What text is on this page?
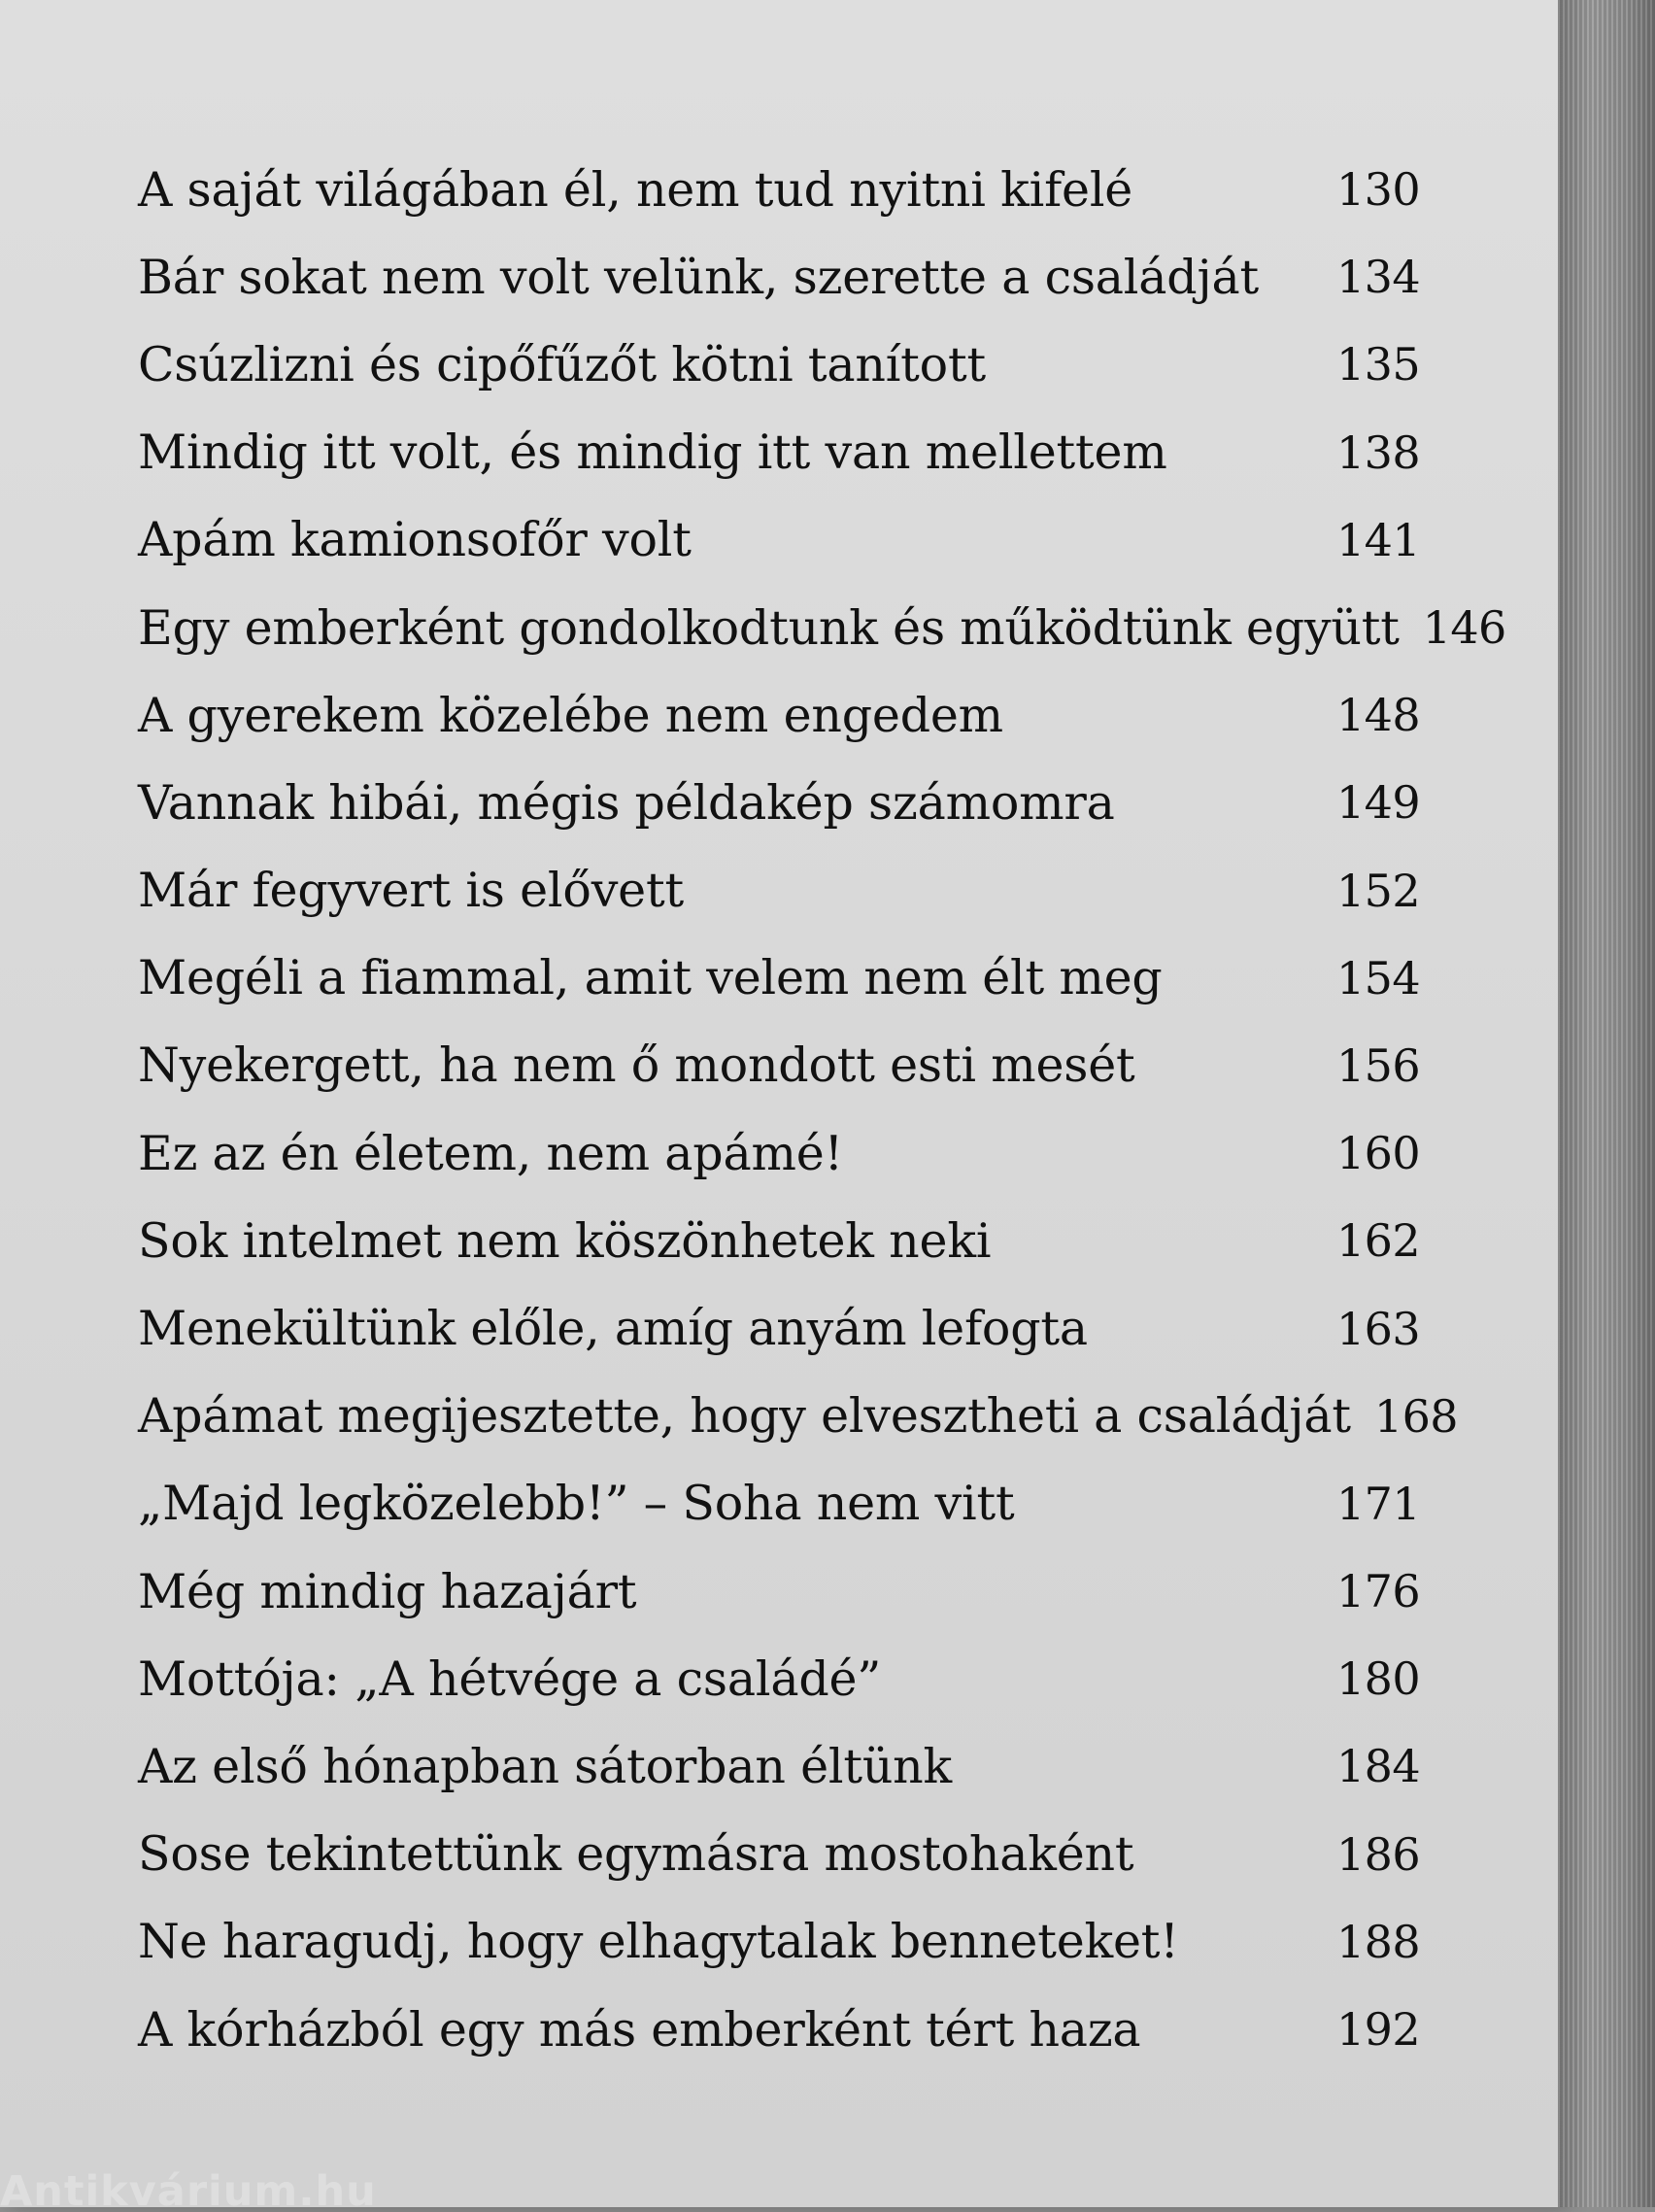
A saját világában él, nem tud nyitni kifelé	130
Bár sokat nem volt velünk, szerette a családját	134
Csúzlizni és cipőfűzőt kötni tanított	135
Mindig itt volt, és mindig itt van mellettem	138
Apám kamionsofőr volt	141
Egy emberként gondolkodtunk és működtünk együtt 146
A gyerekem közelébe nem engedem	148
Vannak hibái, mégis példakép számomra	149
Már fegyvert is elővett	152
Megéli a fiammal, amit velem nem élt meg	154
Nyekergett, ha nem ő mondott esti mesét	156
Ez az én életem, nem apámé!	160
Sok intelmet nem köszönhetek neki	162
Menekültünk előle, amíg anyám lefogta	163
Apámat megijesztette, hogy elvesztheti a családját 168
„Majd legközelebb!” – Soha nem vitt	171
Még mindig hazajárt	176
Mottója: „A hétvége a családé”	180
Az első hónapban sátorban éltünk	184
Sose tekintettünk egymásra mostohaként	186
Ne haragudj, hogy elhagytalak benneteket!	188
A kórházból egy más emberként tért haza	192
Antikvárium.hu
